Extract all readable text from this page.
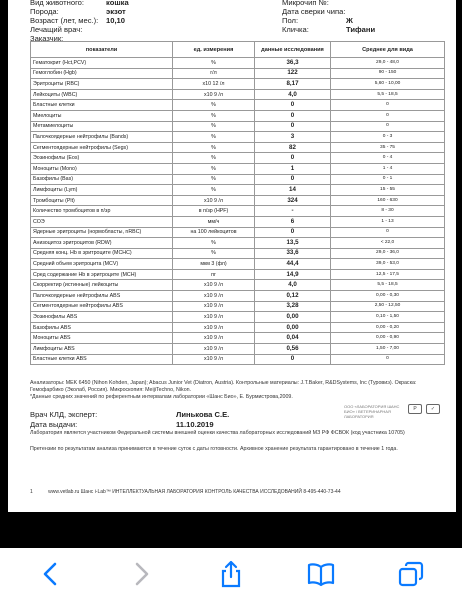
Вид животного:	кошка
Порода:	экзот
Возраст (лет, мес.): 10,10
Лечащий врач:
Заказчик:
Микрочип №:
Дата сверки чипа:
Пол:	Ж
Кличка:	Тифани
показатели	ед. измерения	данные исследования	Среднее для вида
Гематокрит (Hct,PCV)	%	36,3	29,0 - 48,0
Гемоглобин (Hgb)	г/л	122	90 - 150
Эритроциты (RBC)	x10 12 /л	8,17	5,60 - 10,00
Лейкоциты (WBC)	x10 9 /л	4,0	5,5 - 18,5
Бластные клетки	%	0	0
Миелоциты	%	0	0
Метамиелоциты	%	0	0
Палочкоядерные нейтрофилы (Bands)	%	3	0 - 3
Сегментоядерные нейтрофилы (Segs)	%	82	35 - 75
Эозинофилы (Eos)	%	0	0 - 4
Моноциты (Mono)	%	1	1 - 4
Базофилы (Bas)	%	0	0 - 1
Лимфоциты (Lym)	%	14	15 - 55
Тромбоциты (Plt)	x10 9 /л	324	160 - 630
Количество тромбоцитов в п/зр	в п/зр (HPF)	-	8 - 30
СОЭ	мм/ч	6	1 - 13
Ядерные эритроциты (нормобласты, nRBC)	на 100 лейкоцитов	0	0
Анизоцитоз эритроцитов (RDW)	%	13,5	< 22,0
Средняя конц. Hb в эритроците (MCHC)	%	33,6	29,0 - 36,0
Средний объем эритроцита (MCV)	мкм 3 (фл)	44,4	39,0 - 53,0
Сред содержание Hb в эритроците (MCH)	пг	14,9	12,5 - 17,5
Скорректир (истинные) лейкоциты	x10 9 /л	4,0	5,5 - 18,5
Палочкоядерные нейтрофилы ABS	x10 9 /л	0,12	0,00 - 0,30
Сегментоядерные нейтрофилы ABS	x10 9 /л	3,28	2,50 - 12,50
Эозинофилы ABS	x10 9 /л	0,00	0,10 - 1,50
Базофилы ABS	x10 9 /л	0,00	0,00 - 0,20
Моноциты ABS	x10 9 /л	0,04	0,00 - 0,90
Лимфоциты ABS	x10 9 /л	0,56	1,50 - 7,00
Бластные клетки ABS	x10 9 /л	0	0
Анализаторы: MEK 6450 (Nihon Kohden, Japan); Abacus Junior Vet (Diatron, Austria). Контрольные материалы: J.T.Baker, R&DSystems, Inc (Туровиэ). Окраска: Гемофарбико (Эколаб, Россия). Микроскопия: MeijiTechno, Nikon.
*Данные средних значений по референтным интервалам лаборатории «Шанс Био», Е. Бурмистрова,2009.
Врач КЛД, эксперт:	Линькова С.Е.
Дата выдачи:	11.10.2019
ООО «ЛАБОРАТОРИЯ ШАНС БИО» / ВЕТЕРИНАРНАЯ ЛАБОРАТОРИЯ
P	✓
Лаборатория является участником Федеральной системы внешней оценки качества лабораторных исследований МЗ РФ ФСВОК (код участника 10705)
Претензии по результатам анализа принимаются в течение суток с даты готовности. Архивное хранение результата гарантировано в течение 1 года.
1	www.vetlab.ru Шанс i-Lab™ ИНТЕЛЛЕКТУАЛЬНАЯ ЛАБОРАТОРИЯ КОНТРОЛЬ КАЧЕСТВА ИССЛЕДОВАНИЙ 8-495-440-73-44
